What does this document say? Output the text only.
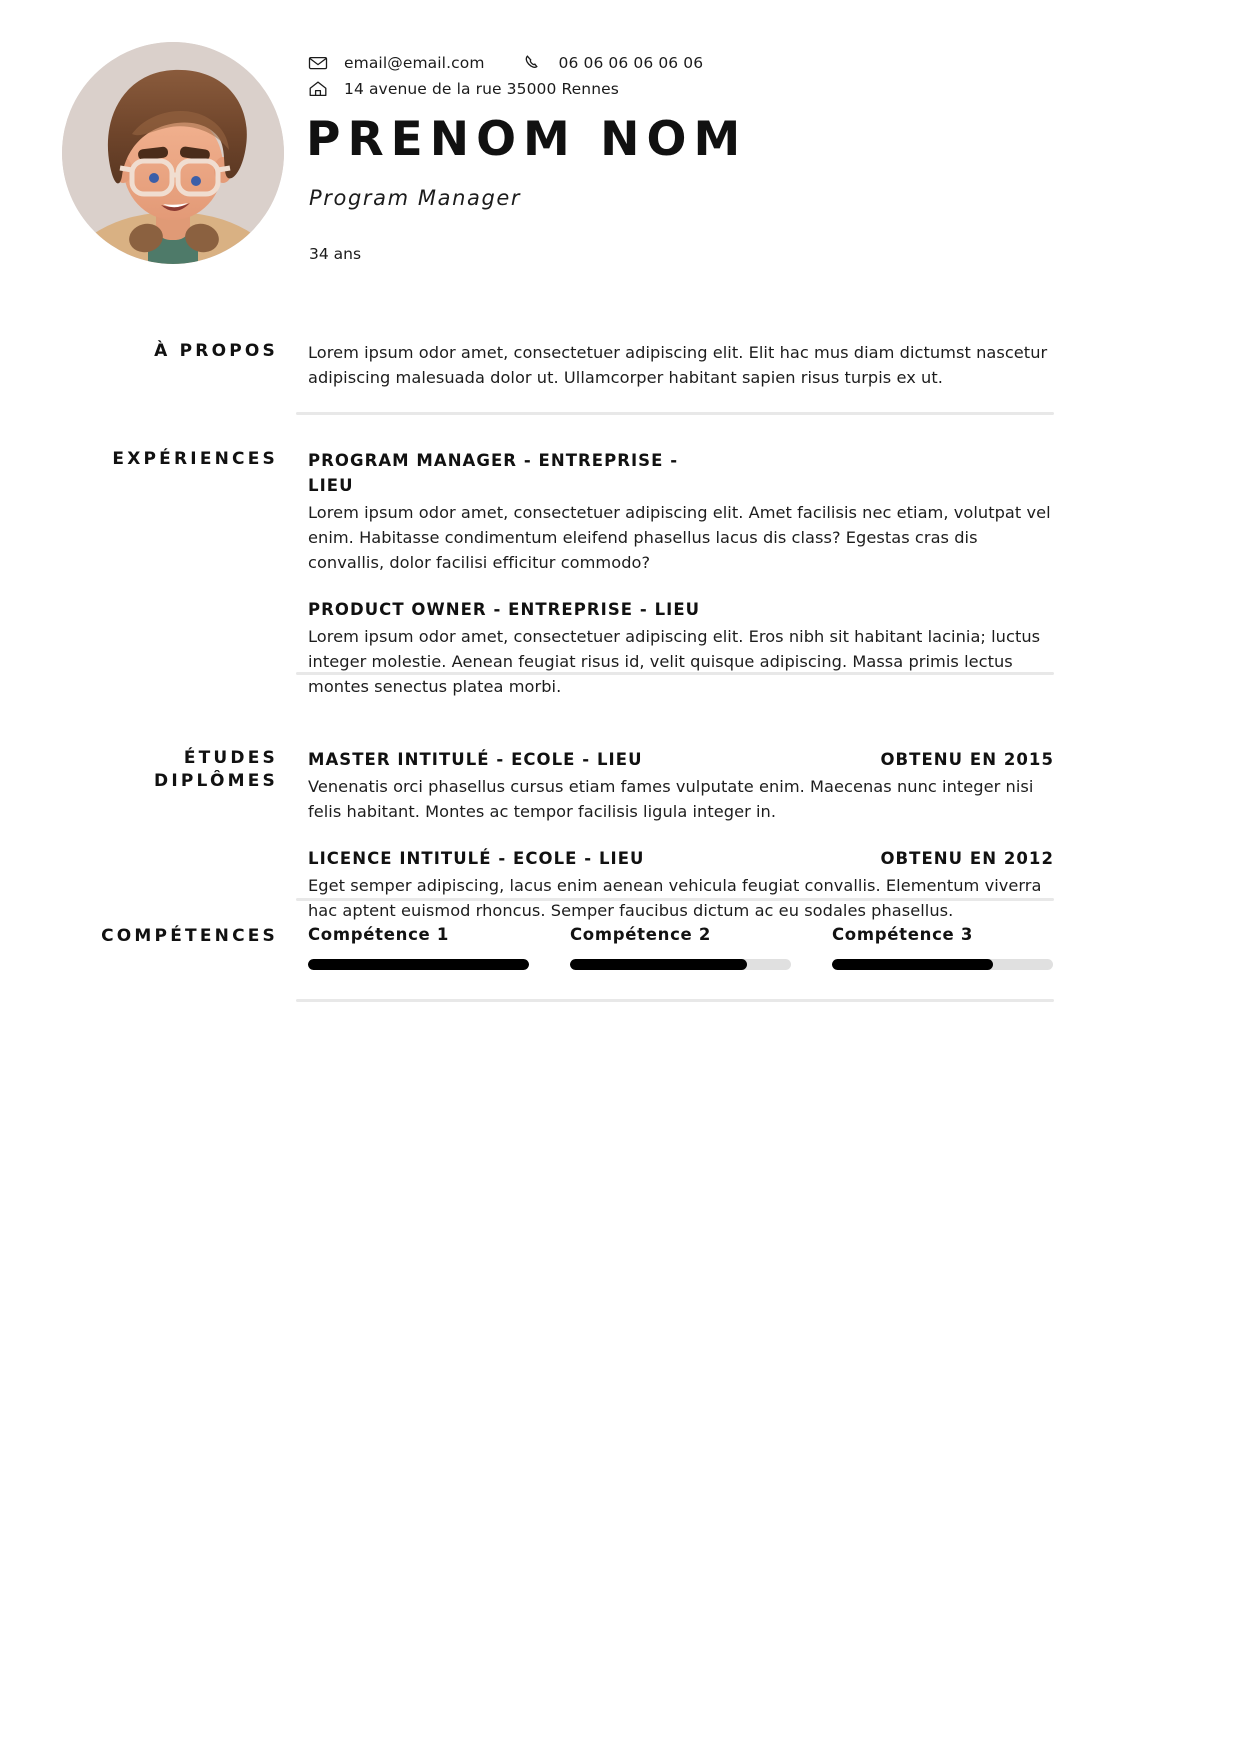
email@email.com	06 06 06 06 06 06
14 avenue de la rue 35000 Rennes
PRENOM NOM
Program Manager
34 ans
À PROPOS Lorem ipsum odor amet, consectetuer adipiscing elit. Elit hac mus diam dictumst nascetur adipiscing malesuada dolor ut. Ullamcorper habitant sapien risus turpis ex ut.

EXPÉRIENCES PROGRAM MANAGER - ENTREPRISE - LIEU

Lorem ipsum odor amet, consectetuer adipiscing elit. Amet facilisis nec etiam, volutpat vel enim. Habitasse condimentum eleifend phasellus lacus dis class? Egestas cras dis convallis, dolor facilisi efficitur commodo?

PRODUCT OWNER - ENTREPRISE - LIEU

Lorem ipsum odor amet, consectetuer adipiscing elit. Eros nibh sit habitant lacinia; luctus integer molestie. Aenean feugiat risus id, velit quisque adipiscing. Massa primis lectus montes senectus platea morbi.

ÉTUDES
DIPLÔMES
MASTER INTITULÉ - ECOLE - LIEU	OBTENU EN 2015

Venenatis orci phasellus cursus etiam fames vulputate enim. Maecenas nunc integer nisi felis habitant. Montes ac tempor facilisis ligula integer in.

LICENCE INTITULÉ - ECOLE - LIEU	OBTENU EN 2012

Eget semper adipiscing, lacus enim aenean vehicula feugiat convallis. Elementum viverra hac aptent euismod rhoncus. Semper faucibus dictum ac eu sodales phasellus.

COMPÉTENCES Compétence 1	Compétence 2	Compétence 3
